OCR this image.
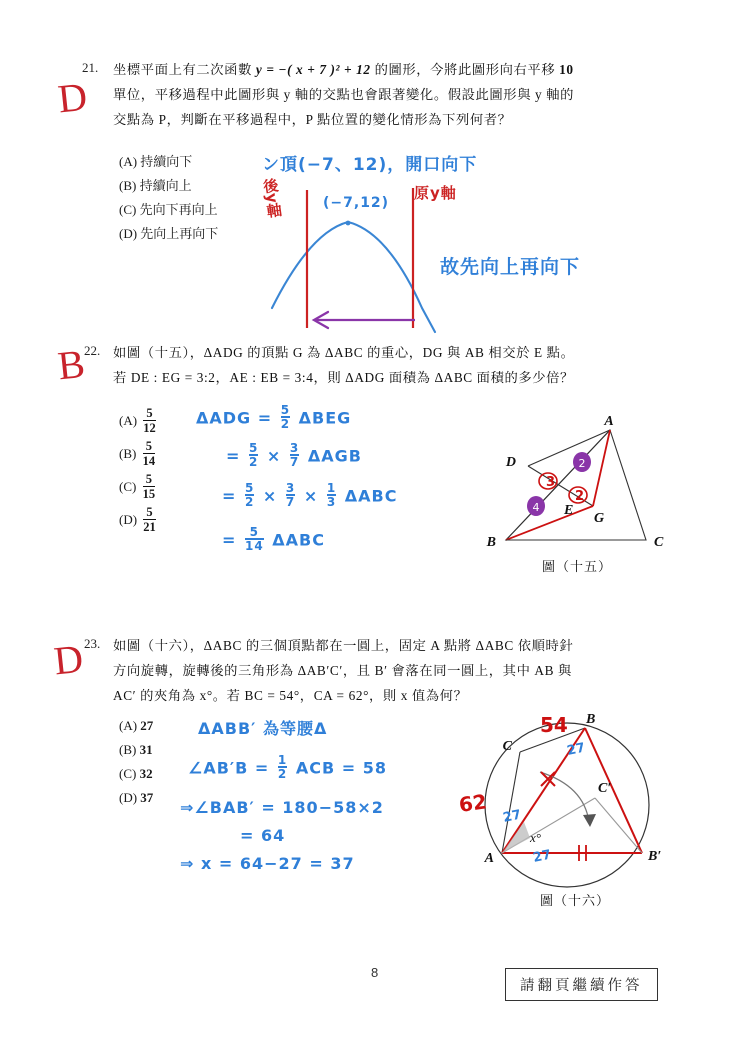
D
21. 坐標平面上有二次函數 y = −( x + 7 )² + 12 的圖形，今將此圖形向右平移 10
單位，平移過程中此圖形與 y 軸的交點也會跟著變化。假設此圖形與 y 軸的
交點為 P，判斷在平移過程中，P 點位置的變化情形為下列何者？
(A) 持續向下
(B) 持續向上
(C) 先向下再向上
(D) 先向上再向下
ン頂(−7、12)，開口向下
後y軸	原y軸
(−7,12)
故先向上再向下
B
22. 如圖（十五），ΔADG 的頂點 G 為 ΔABC 的重心，DG 與 AB 相交於 E 點。
若 DE : EG = 3:2，AE : EB = 3:4，則 ΔADG 面積為 ΔABC 面積的多少倍？
$(A) \frac{5}{12}$
$(B) \frac{5}{14}$
$(C) \frac{5}{15}$
$(D) \frac{5}{21}$
$\Delta ADG = \frac{5}{2}$ ΔBEG
= $\frac{5}{2} \times \frac{3}{7}$ ΔAGB
= $\frac{5}{2} \times \frac{3}{7} \times \frac{1}{3}$ ΔABC
= $\frac{5}{14}$ ΔABC
2
4
3
2
A
B	C
D
E
G
圖（十五）
D
23. 如圖（十六），ΔABC 的三個頂點都在一圓上，固定 A 點將 ΔABC 依順時針
方向旋轉，旋轉後的三角形為 ΔAB′C′，且 B′ 會落在同一圓上，其中 AB 與
AC′ 的夾角為 x°。若 BC = 54°，CA = 62°，則 x 值為何？
(A) 27
(B) 31
(C) 32
(D) 37
ΔABB′ 為等腰Δ
∠AB′B = $\frac{1}{2}$ ACB = 58
⇒∠BAB′ = 180−58×2
= 64
⇒ x = 64−27 = 37
27
27
27
54
62
B
C
A	B′
C′
x°
圖（十六）
8
請翻頁繼續作答
